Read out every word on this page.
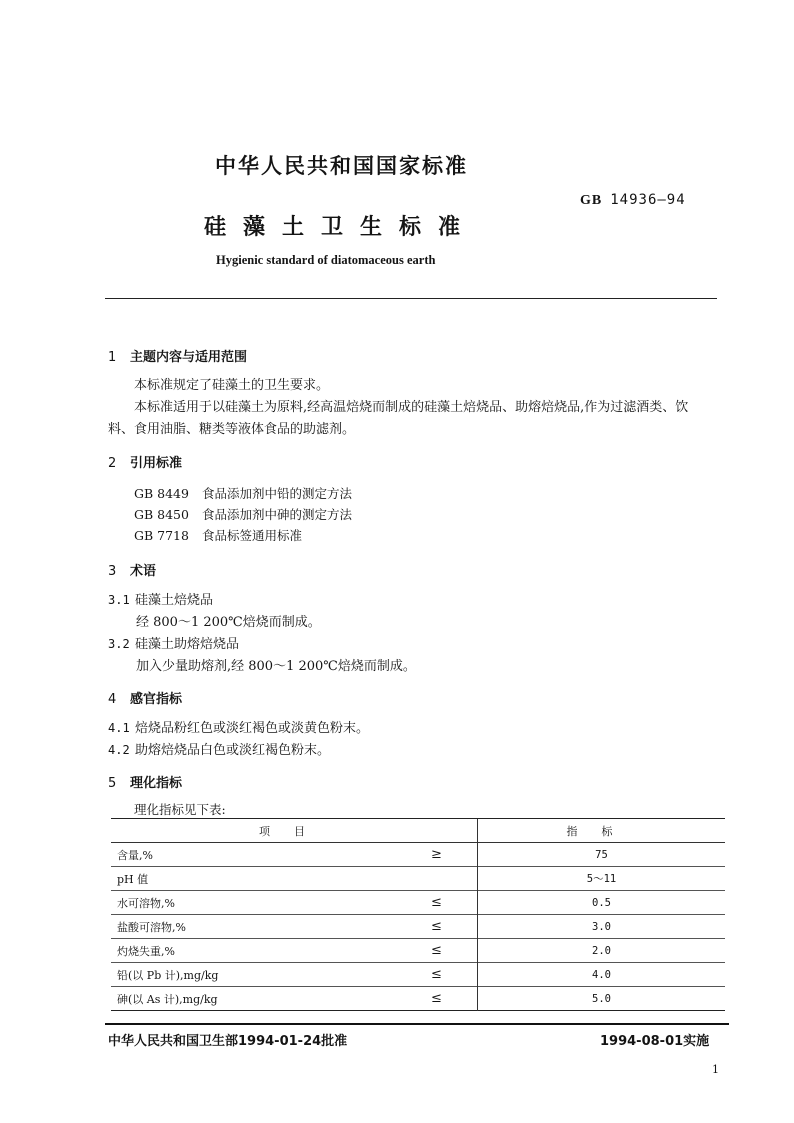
中华人民共和国国家标准
GB 14936—94
硅藻土卫生标准
Hygienic standard of diatomaceous earth
1 主题内容与适用范围
本标准规定了硅藻土的卫生要求。
本标准适用于以硅藻土为原料,经高温焙烧而制成的硅藻土焙烧品、助熔焙烧品,作为过滤酒类、饮
料、食用油脂、糖类等液体食品的助滤剂。
2 引用标准
GB 8449 食品添加剂中铅的测定方法
GB 8450 食品添加剂中砷的测定方法
GB 7718 食品标签通用标准
3 术语
3.1 硅藻土焙烧品
经 800～1 200℃焙烧而制成。
3.2 硅藻土助熔焙烧品
加入少量助熔剂,经 800～1 200℃焙烧而制成。
4 感官指标
4.1 焙烧品粉红色或淡红褐色或淡黄色粉末。
4.2 助熔焙烧品白色或淡红褐色粉末。
5 理化指标
理化指标见下表:
项目		指标
含量,%	≥	75
pH 值		5～11
水可溶物,%	≤	0.5
盐酸可溶物,%	≤	3.0
灼烧失重,%	≤	2.0
铅(以 Pb 计),mg/kg	≤	4.0
砷(以 As 计),mg/kg	≤	5.0
中华人民共和国卫生部1994-01-24批准	1994-08-01实施
1
